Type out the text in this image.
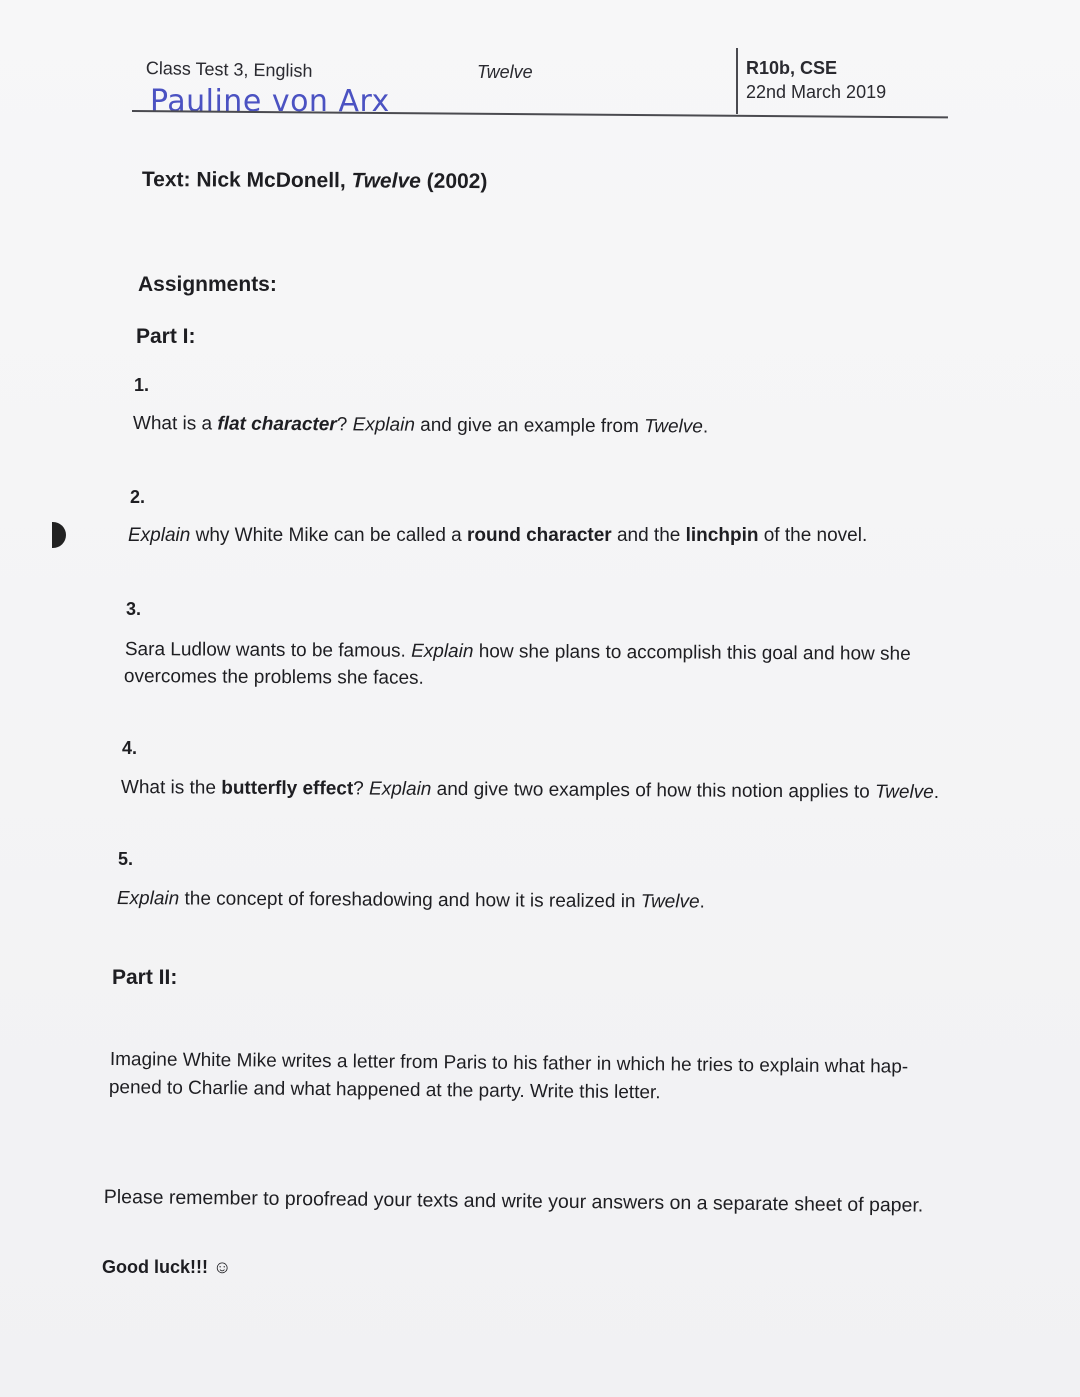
Class Test 3, English	Twelve	R10b, CSE

22nd March 2019

Pauline von Arx

Text: Nick McDonell, Twelve (2002)

Assignments:

Part I:

1.

What is a flat character? Explain and give an example from Twelve.

2.

Explain why White Mike can be called a round character and the linchpin of the novel.

3.

Sara Ludlow wants to be famous. Explain how she plans to accomplish this goal and how she

overcomes the problems she faces.

4.

What is the butterfly effect? Explain and give two examples of how this notion applies to Twelve.

5.

Explain the concept of foreshadowing and how it is realized in Twelve.

Part II:

Imagine White Mike writes a letter from Paris to his father in which he tries to explain what hap-

pened to Charlie and what happened at the party. Write this letter.

Please remember to proofread your texts and write your answers on a separate sheet of paper.

Good luck!!! ☺
